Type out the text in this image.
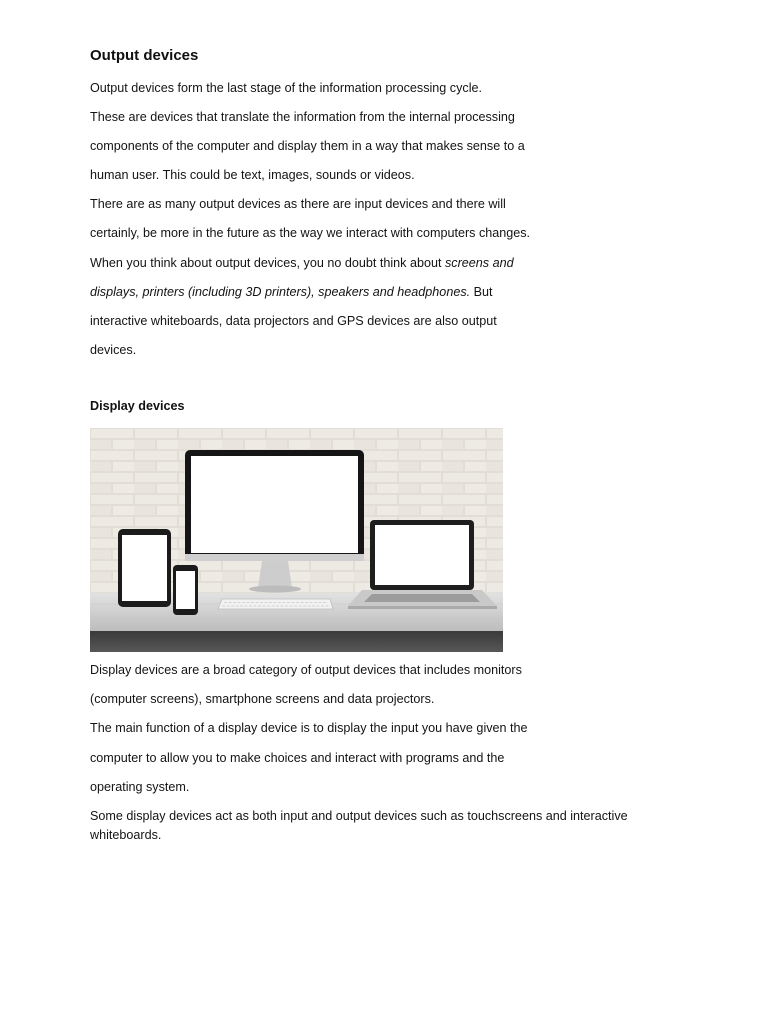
Output devices
Output devices form the last stage of the information processing cycle.
These are devices that translate the information from the internal processing
components of the computer and display them in a way that makes sense to a
human user. This could be text, images, sounds or videos.
There are as many output devices as there are input devices and there will
certainly, be more in the future as the way we interact with computers changes.
When you think about output devices, you no doubt think about screens and
displays, printers (including 3D printers), speakers and headphones. But
interactive whiteboards, data projectors and GPS devices are also output
devices.
Display devices
Display devices are a broad category of output devices that includes monitors
(computer screens), smartphone screens and data projectors.
The main function of a display device is to display the input you have given the
computer to allow you to make choices and interact with programs and the
operating system.
Some display devices act as both input and output devices such as touchscreens and interactive
whiteboards.
